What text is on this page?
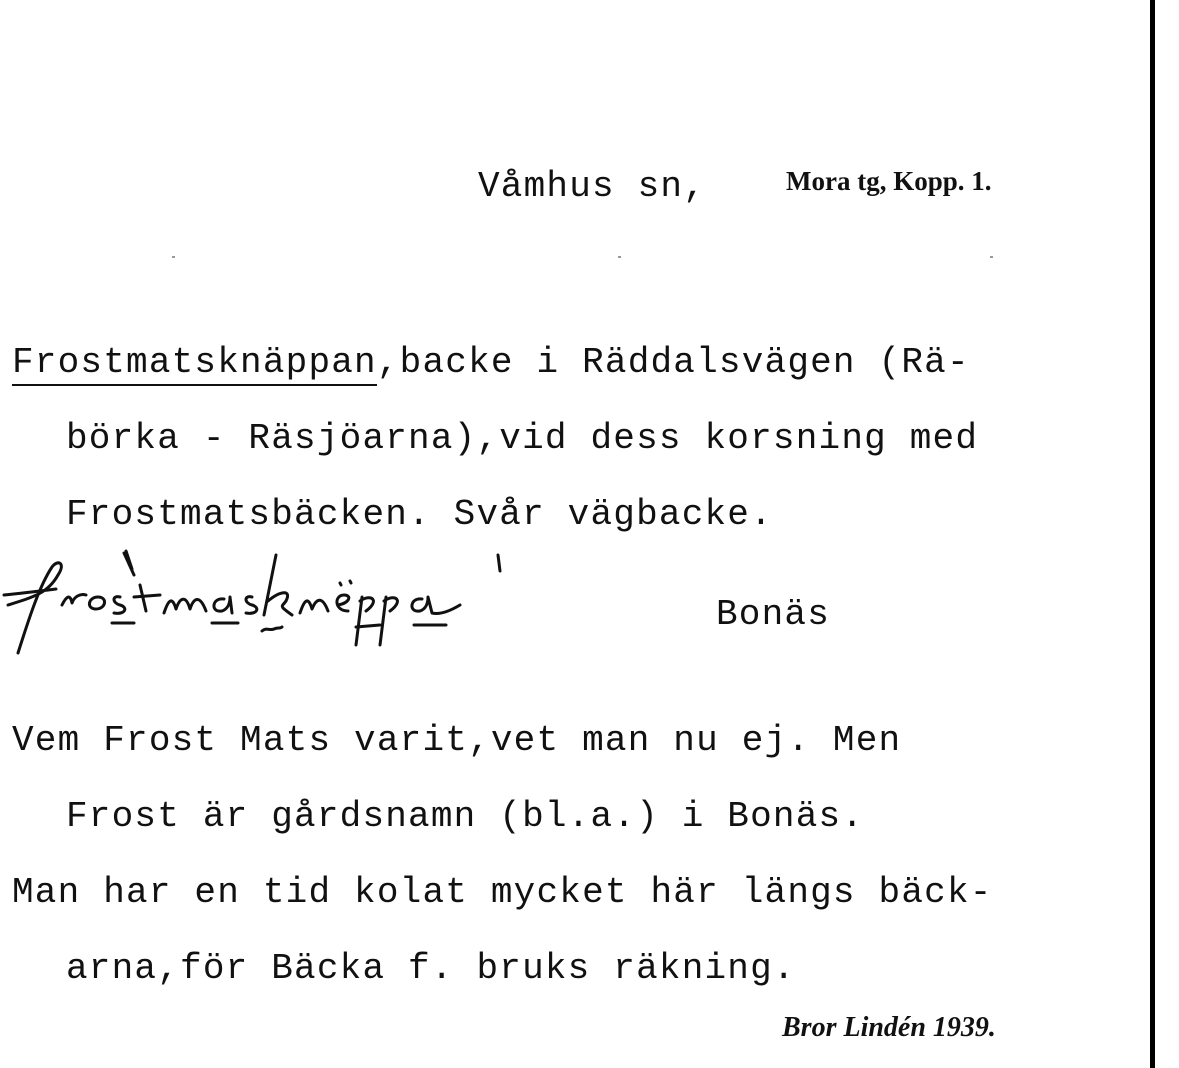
Våmhus sn,	Mora tg, Kopp. 1.
Frostmatsknäppan,backe i Räddalsvägen (Rä-
börka - Räsjöarna),vid dess korsning med
Frostmatsbäcken. Svår vägbacke.
Bonäs
Vem Frost Mats varit,vet man nu ej. Men
Frost är gårdsnamn (bl.a.) i Bonäs.
Man har en tid kolat mycket här längs bäck-
arna,för Bäcka f. bruks räkning.
Bror Lindén 1939.
